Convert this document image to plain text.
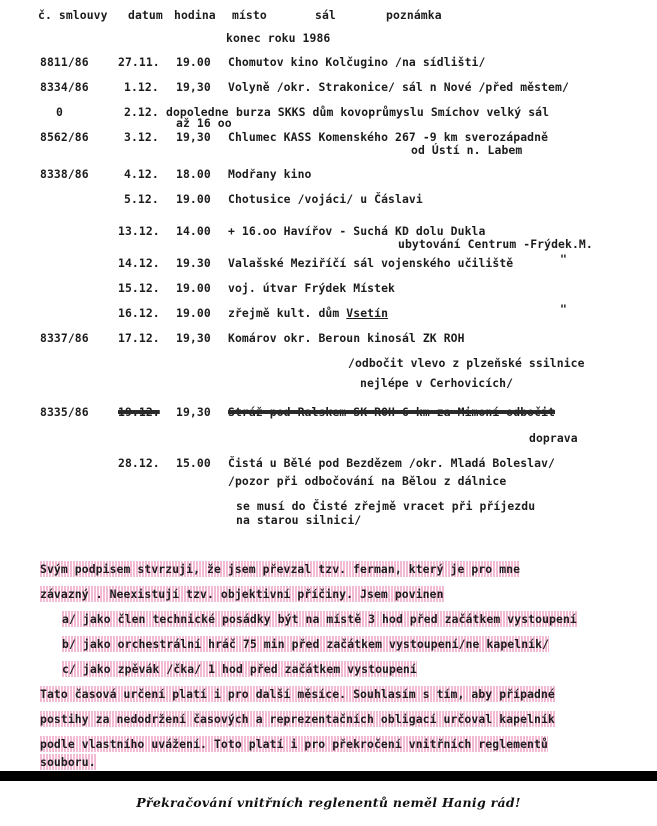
č. smlouvy datum hodina místo	sál	poznámka
konec roku 1986
8811/86	27.11. 19.00 Chomutov kino Kolčugino /na sídlišti/
8334/86	1.12. 19,30 Volyně /okr. Strakonice/ sál n Nové /před městem/
0	2.12. dopoledne burza SKKS dům kovoprůmyslu Smíchov velký sál
až 16 oo
8562/86	3.12. 19,30 Chlumec KASS Komenského 267 -9 km sverozápadně
od Ústí n. Labem
8338/86	4.12. 18.00 Modřany kino
5.12. 19.00 Chotusice /vojáci/ u Čáslavi
13.12. 14.00 + 16.oo Havířov - Suchá KD dolu Dukla
ubytování Centrum -Frýdek.M.
14.12. 19.30 Valašské Meziříčí sál vojenského učiliště	"
15.12. 19.00 voj. útvar Frýdek Místek
16.12. 19.00 zřejmě kult. dům Vsetín	"
8337/86	17.12. 19,30 Komárov okr. Beroun kinosál ZK ROH
/odbočit vlevo z plzeňské ssilnice
nejlépe v Cerhovicích/
8335/86	19.12. 19,30 Stráž pod Ralskem SK ROH 6 km za Mimoní odbočit
doprava
28.12. 15.00 Čistá u Bělé pod Bezdězem /okr. Mladá Boleslav/
/pozor při odbočování na Bělou z dálnice
se musí do Čisté zřejmě vracet při příjezdu
na starou silnici/
Svým podpisem stvrzuji, že jsem převzal tzv. ferman, který je pro mne
závazný . Neexistují tzv. objektivní příčiny. Jsem povinen
a/ jako člen technické posádky být na místě 3 hod před začátkem vystoupení
b/ jako orchestrální hráč 75 min před začátkem vystoupení/ne kapelník/
c/ jako zpěvák /čka/ 1 hod před začátkem vystoupení
Tato časová určení platí i pro další měsíce. Souhlasím s tím, aby případné
postihy za nedodržení časových a reprezentačních obligací určoval kapelník
podle vlastního uvážení. Toto platí i pro překročení vnitřních reglementů
souboru.
Překračování vnitřních reglenentů neměl Hanig rád!
